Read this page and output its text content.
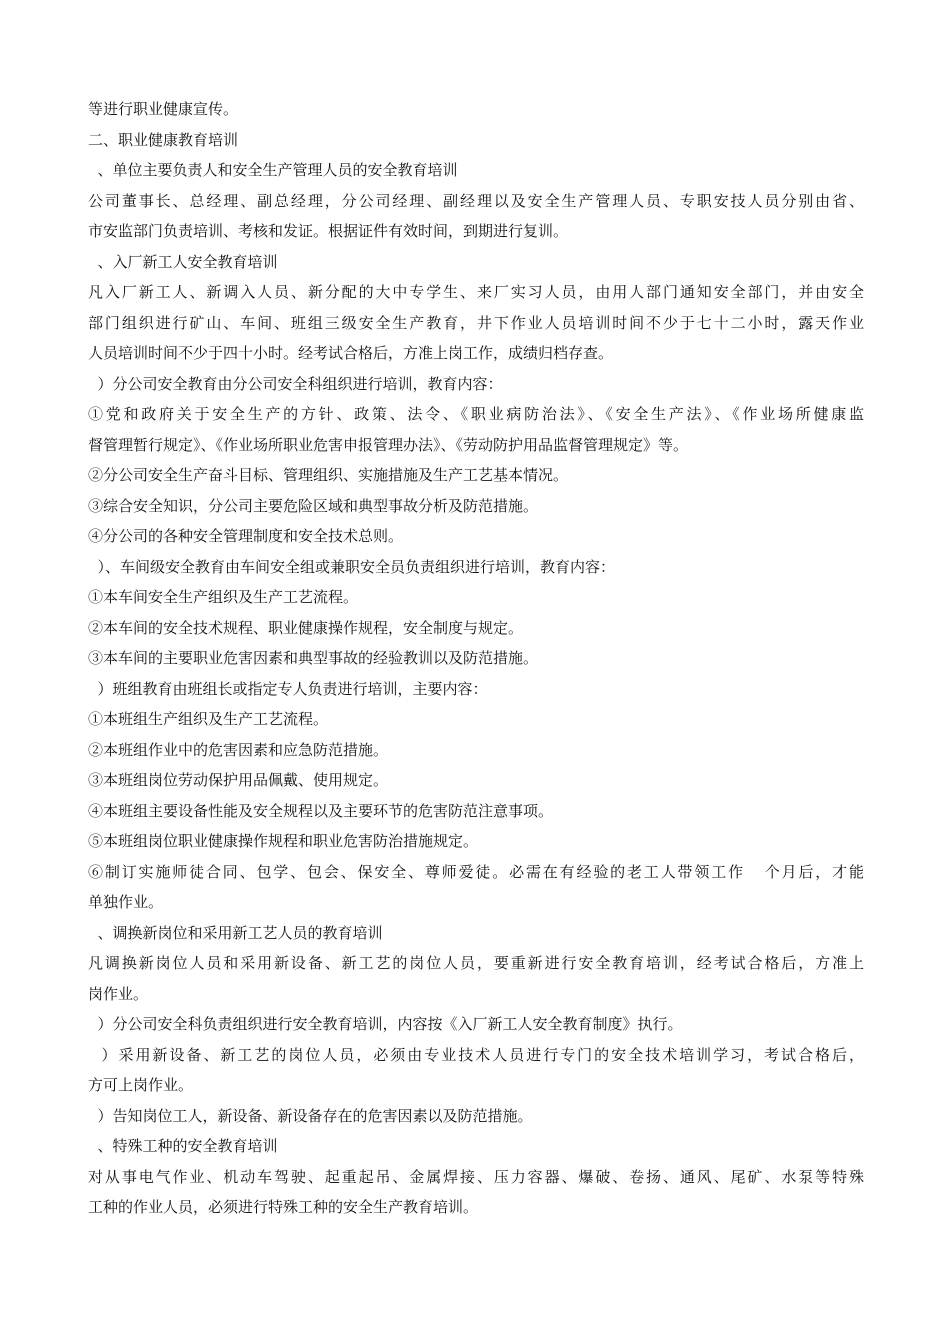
等进行职业健康宣传。
二、职业健康教育培训
、单位主要负责人和安全生产管理人员的安全教育培训
公司董事长、总经理、副总经理，分公司经理、副经理以及安全生产管理人员、专职安技人员分别由省、
市安监部门负责培训、考核和发证。根据证件有效时间，到期进行复训。
、入厂新工人安全教育培训
凡入厂新工人、新调入人员、新分配的大中专学生、来厂实习人员，由用人部门通知安全部门，并由安全
部门组织进行矿山、车间、班组三级安全生产教育，井下作业人员培训时间不少于七十二小时，露天作业
人员培训时间不少于四十小时。经考试合格后，方准上岗工作，成绩归档存查。
）分公司安全教育由分公司安全科组织进行培训，教育内容：
①党和政府关于安全生产的方针、政策、法令、《职业病防治法》、《安全生产法》、《作业场所健康监
督管理暂行规定》、《作业场所职业危害申报管理办法》、《劳动防护用品监督管理规定》等。
②分公司安全生产奋斗目标、管理组织、实施措施及生产工艺基本情况。
③综合安全知识，分公司主要危险区域和典型事故分析及防范措施。
④分公司的各种安全管理制度和安全技术总则。
）、车间级安全教育由车间安全组或兼职安全员负责组织进行培训，教育内容：
①本车间安全生产组织及生产工艺流程。
②本车间的安全技术规程、职业健康操作规程，安全制度与规定。
③本车间的主要职业危害因素和典型事故的经验教训以及防范措施。
）班组教育由班组长或指定专人负责进行培训，主要内容：
①本班组生产组织及生产工艺流程。
②本班组作业中的危害因素和应急防范措施。
③本班组岗位劳动保护用品佩戴、使用规定。
④本班组主要设备性能及安全规程以及主要环节的危害防范注意事项。
⑤本班组岗位职业健康操作规程和职业危害防治措施规定。
⑥制订实施师徒合同、包学、包会、保安全、尊师爱徒。必需在有经验的老工人带领工作   个月后，才能
单独作业。
、调换新岗位和采用新工艺人员的教育培训
凡调换新岗位人员和采用新设备、新工艺的岗位人员，要重新进行安全教育培训，经考试合格后，方准上
岗作业。
）分公司安全科负责组织进行安全教育培训，内容按《入厂新工人安全教育制度》执行。
）采用新设备、新工艺的岗位人员，必须由专业技术人员进行专门的安全技术培训学习，考试合格后，
方可上岗作业。
）告知岗位工人，新设备、新设备存在的危害因素以及防范措施。
、特殊工种的安全教育培训
对从事电气作业、机动车驾驶、起重起吊、金属焊接、压力容器、爆破、卷扬、通风、尾矿、水泵等特殊
工种的作业人员，必须进行特殊工种的安全生产教育培训。
